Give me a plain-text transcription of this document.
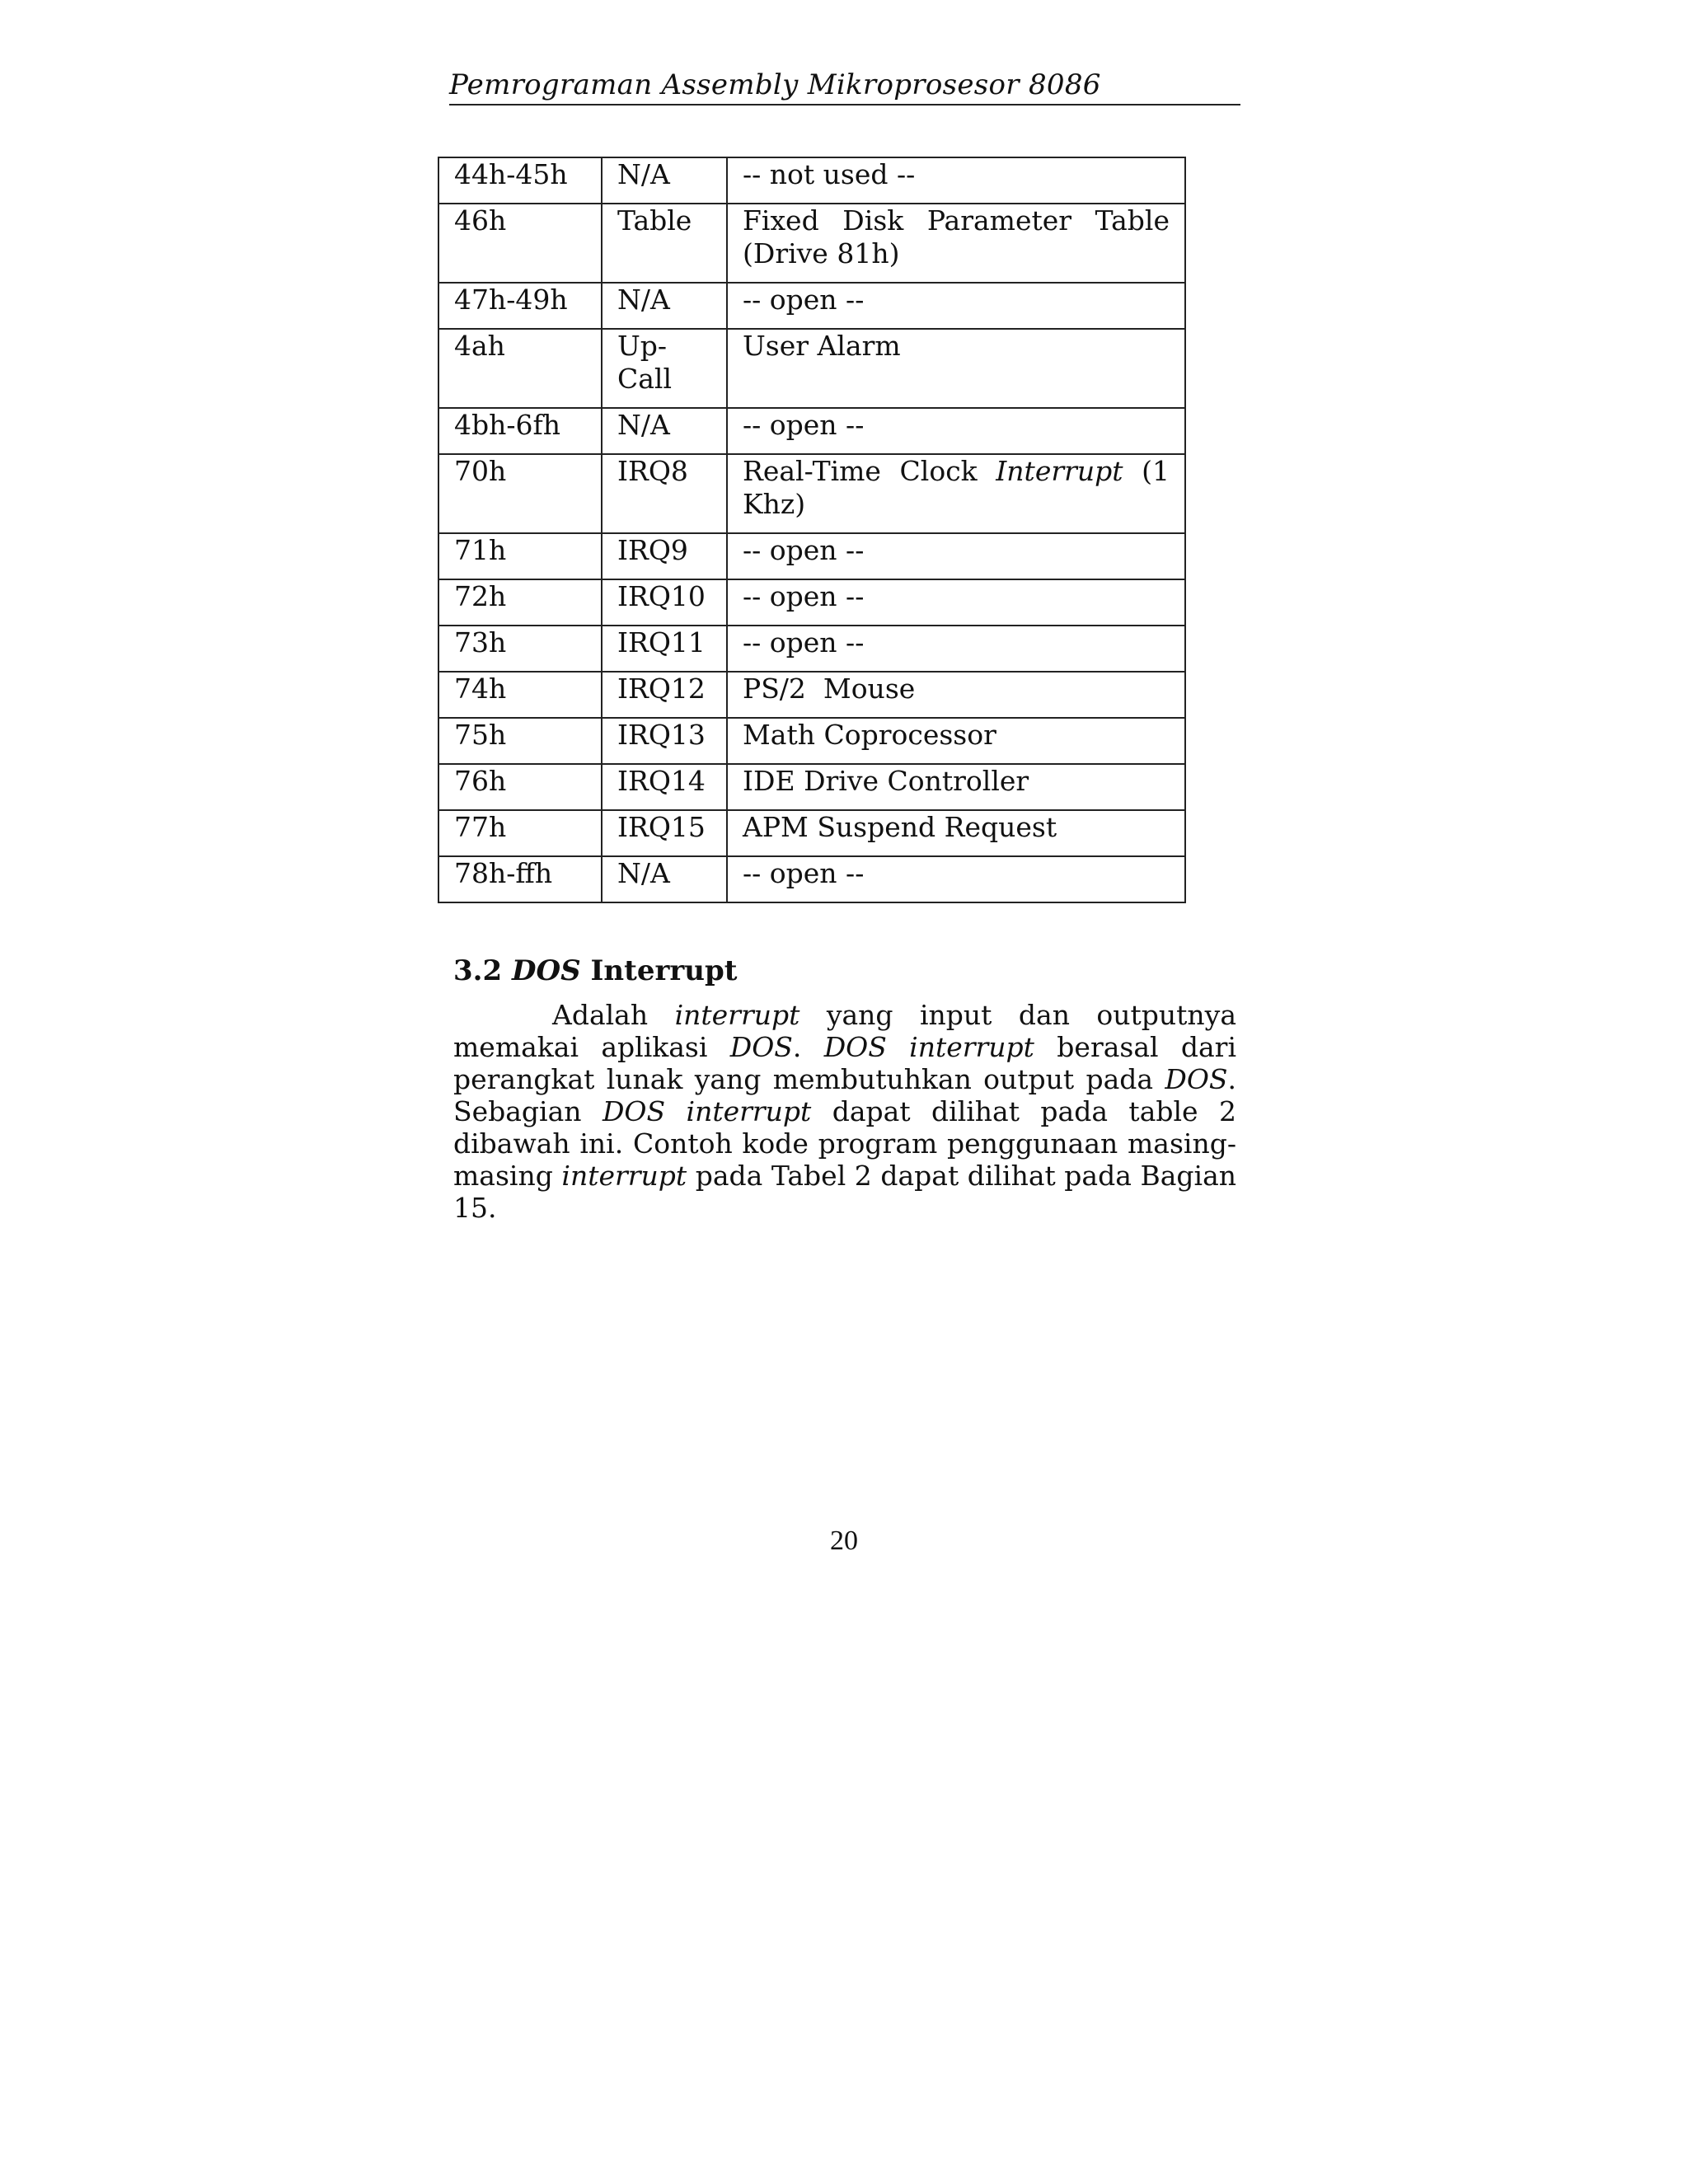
Pemrograman Assembly Mikroprosesor 8086
44h-45h	N/A	-- not used --
46h	Table	Fixed Disk Parameter Table (Drive 81h)
47h-49h	N/A	-- open --
4ah	Up-Call	User Alarm
4bh-6fh	N/A	-- open --
70h	IRQ8	Real-Time Clock Interrupt (1 Khz)
71h	IRQ9	-- open --
72h	IRQ10	-- open --
73h	IRQ11	-- open --
74h	IRQ12	PS/2  Mouse
75h	IRQ13	Math Coprocessor
76h	IRQ14	IDE Drive Controller
77h	IRQ15	APM Suspend Request
78h-ffh	N/A	-- open --
3.2 DOS Interrupt

Adalah interrupt yang input dan outputnya memakai aplikasi DOS. DOS interrupt berasal dari perangkat lunak yang membutuhkan output pada DOS. Sebagian DOS interrupt dapat dilihat pada table 2 dibawah ini. Contoh kode program penggunaan masing-masing interrupt pada Tabel 2 dapat dilihat pada Bagian 15.

20
